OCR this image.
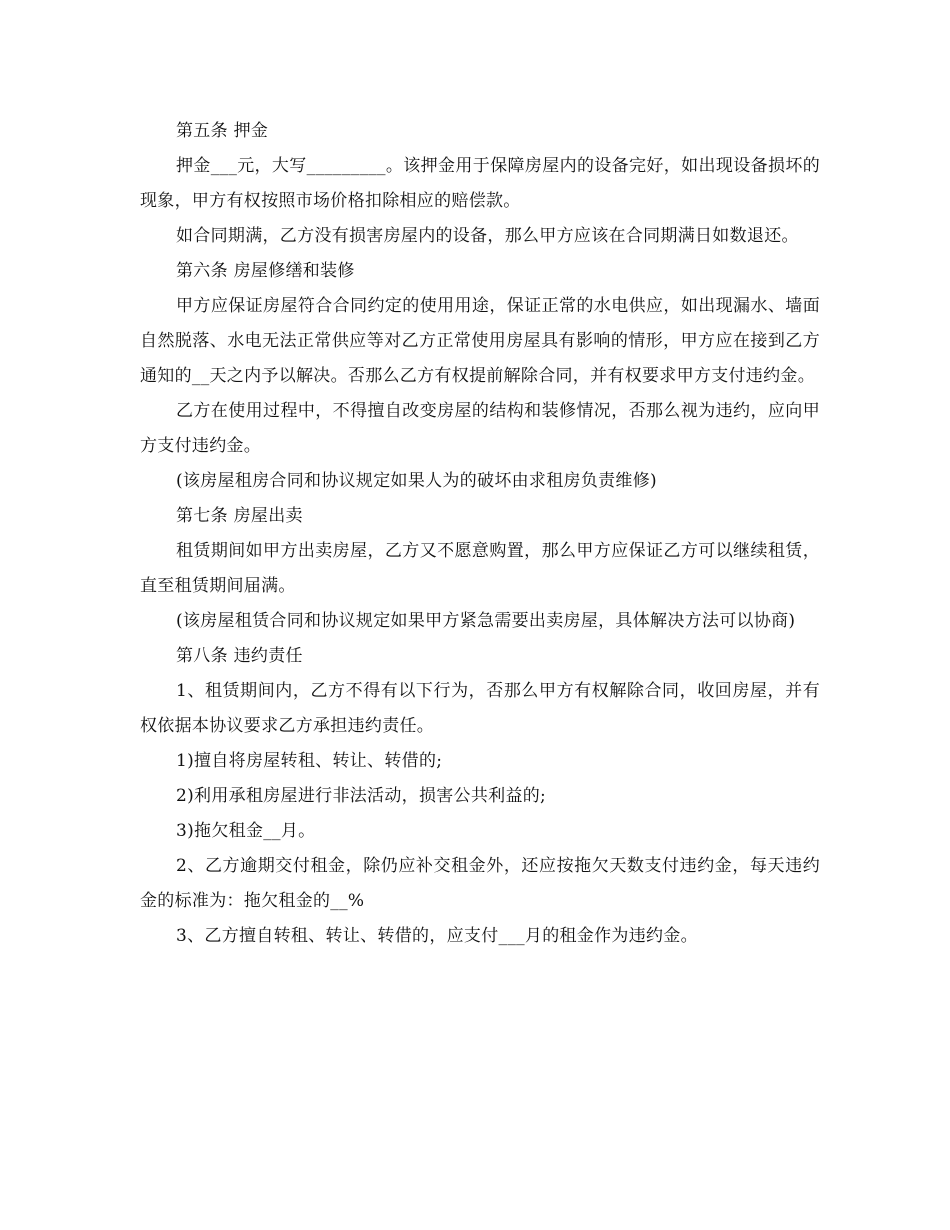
第五条 押金

押金___元，大写_________。该押金用于保障房屋内的设备完好，如出现设备损坏的现象，甲方有权按照市场价格扣除相应的赔偿款。

如合同期满，乙方没有损害房屋内的设备，那么甲方应该在合同期满日如数退还。

第六条 房屋修缮和装修

甲方应保证房屋符合合同约定的使用用途，保证正常的水电供应，如出现漏水、墙面自然脱落、水电无法正常供应等对乙方正常使用房屋具有影响的情形，甲方应在接到乙方通知的__天之内予以解决。否那么乙方有权提前解除合同，并有权要求甲方支付违约金。

乙方在使用过程中，不得擅自改变房屋的结构和装修情况，否那么视为违约，应向甲方支付违约金。

(该房屋租房合同和协议规定如果人为的破坏由求租房负责维修)

第七条 房屋出卖

租赁期间如甲方出卖房屋，乙方又不愿意购置，那么甲方应保证乙方可以继续租赁，直至租赁期间届满。

(该房屋租赁合同和协议规定如果甲方紧急需要出卖房屋，具体解决方法可以协商)

第八条 违约责任

1、租赁期间内，乙方不得有以下行为，否那么甲方有权解除合同，收回房屋，并有权依据本协议要求乙方承担违约责任。

1)擅自将房屋转租、转让、转借的;

2)利用承租房屋进行非法活动，损害公共利益的;

3)拖欠租金__月。

2、乙方逾期交付租金，除仍应补交租金外，还应按拖欠天数支付违约金，每天违约金的标准为：拖欠租金的__%

3、乙方擅自转租、转让、转借的，应支付___月的租金作为违约金。
